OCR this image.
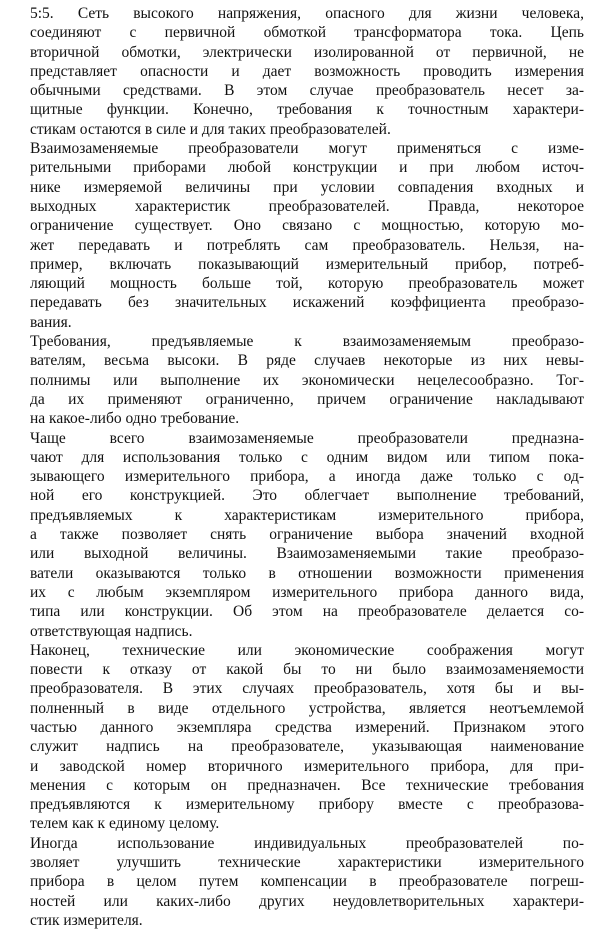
5:5. Сеть высокого напряжения, опасного для жизни человека,
соединяют с первичной обмоткой трансформатора тока. Цепь
вторичной обмотки, электрически изолированной от первичной, не
представляет опасности и дает возможность проводить измерения
обычными средствами. В этом случае преобразователь несет за-
щитные функции. Конечно, требования к точностным характери-
стикам остаются в силе и для таких преобразователей.
Взаимозаменяемые преобразователи могут применяться с изме-
рительными приборами любой конструкции и при любом источ-
нике измеряемой величины при условии совпадения входных и
выходных характеристик преобразователей. Правда, некоторое
ограничение существует. Оно связано с мощностью, которую мо-
жет передавать и потреблять сам преобразователь. Нельзя, на-
пример, включать показывающий измерительный прибор, потреб-
ляющий мощность больше той, которую преобразователь может
передавать без значительных искажений коэффициента преобразо-
вания.
Требования, предъявляемые к взаимозаменяемым преобразо-
вателям, весьма высоки. В ряде случаев некоторые из них невы-
полнимы или выполнение их экономически нецелесообразно. Тог-
да их применяют ограниченно, причем ограничение накладывают
на какое-либо одно требование.
Чаще всего взаимозаменяемые преобразователи предназна-
чают для использования только с одним видом или типом пока-
зывающего измерительного прибора, а иногда даже только с од-
ной его конструкцией. Это облегчает выполнение требований,
предъявляемых к характеристикам измерительного прибора,
а также позволяет снять ограничение выбора значений входной
или выходной величины. Взаимозаменяемыми такие преобразо-
ватели оказываются только в отношении возможности применения
их с любым экземпляром измерительного прибора данного вида,
типа или конструкции. Об этом на преобразователе делается со-
ответствующая надпись.
Наконец, технические или экономические соображения могут
повести к отказу от какой бы то ни было взаимозаменяемости
преобразователя. В этих случаях преобразователь, хотя бы и вы-
полненный в виде отдельного устройства, является неотъемлемой
частью данного экземпляра средства измерений. Признаком этого
служит надпись на преобразователе, указывающая наименование
и заводской номер вторичного измерительного прибора, для при-
менения с которым он предназначен. Все технические требования
предъявляются к измерительному прибору вместе с преобразова-
телем как к единому целому.
Иногда использование индивидуальных преобразователей по-
зволяет улучшить технические характеристики измерительного
прибора в целом путем компенсации в преобразователе погреш-
ностей или каких-либо других неудовлетворительных характери-
стик измерителя.
